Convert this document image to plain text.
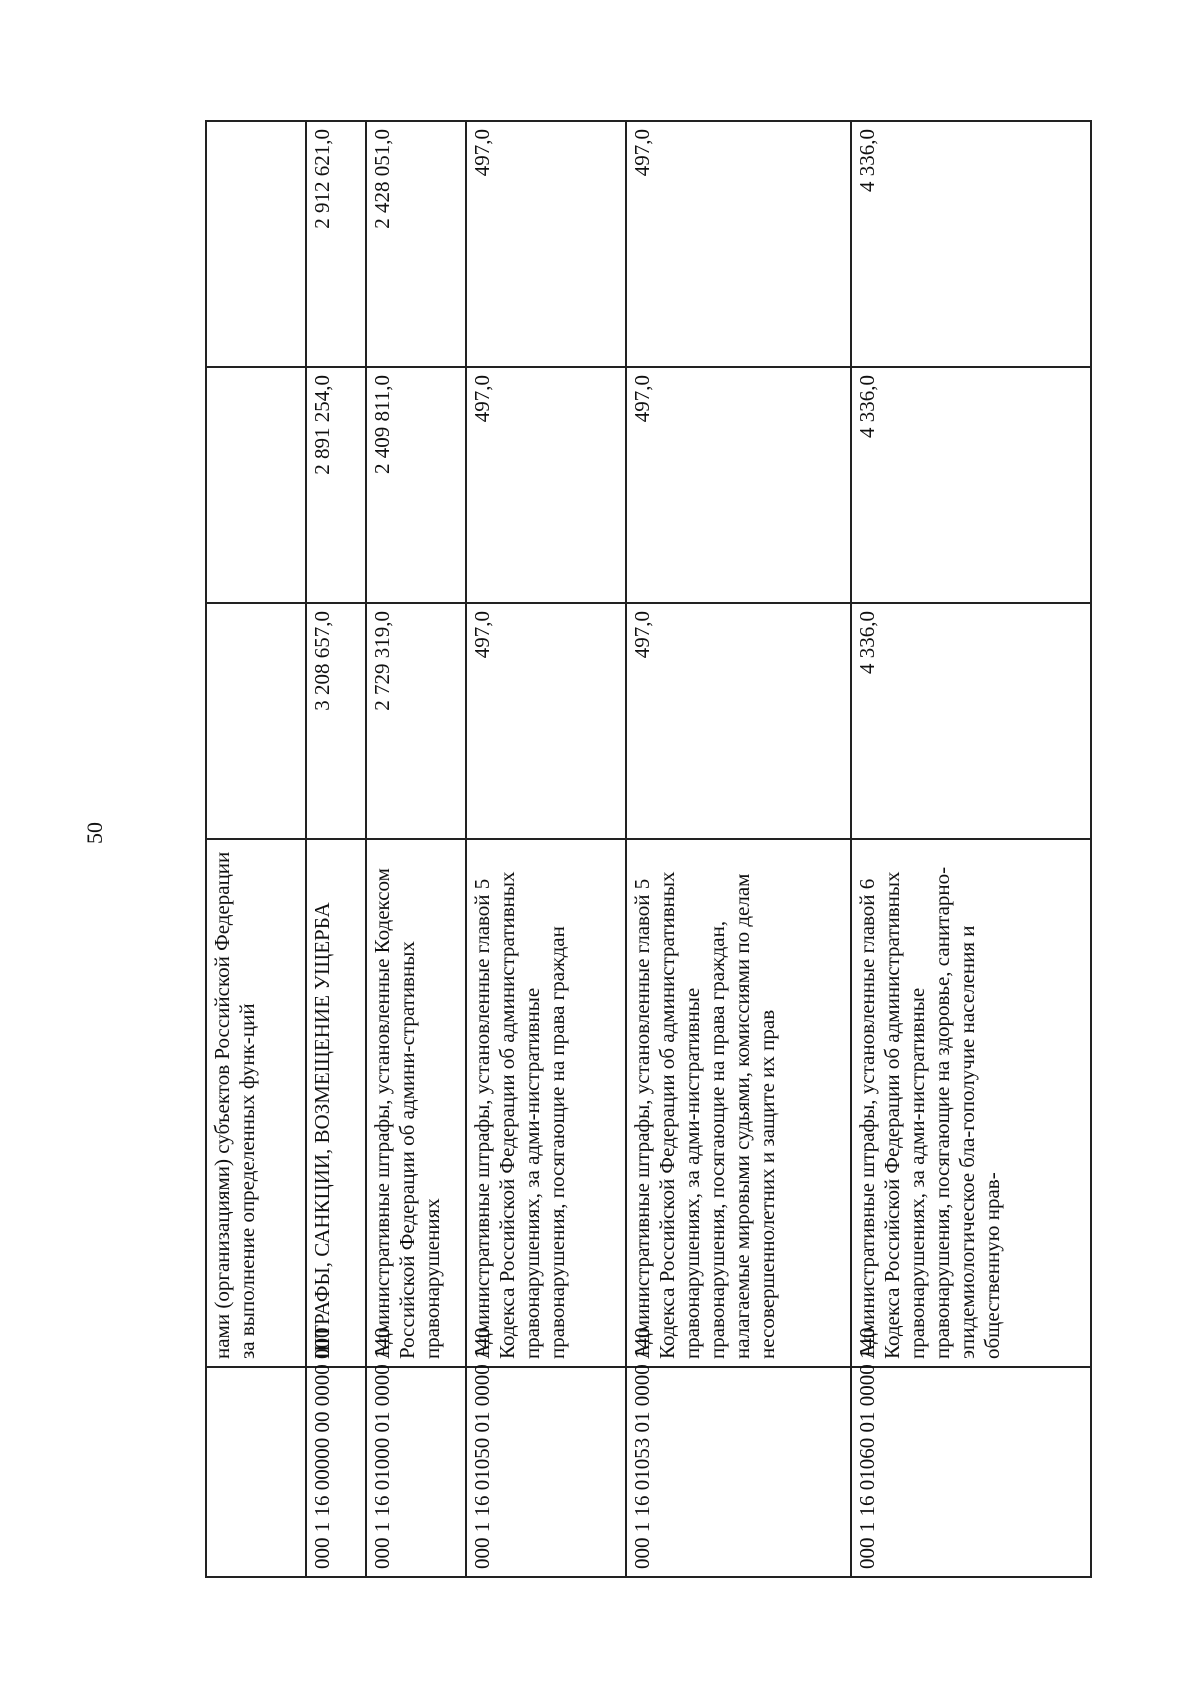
50
	нами (организациями) субъектов Российской Федерации за выполнение определенных функ-ций			
000 1 16 00000 00 0000 000	ШТРАФЫ, САНКЦИИ, ВОЗМЕЩЕНИЕ УЩЕРБА	3 208 657,0	2 891 254,0	2 912 621,0
000 1 16 01000 01 0000 140	Административные штрафы, установленные Кодексом Российской Федерации об админи-стративных правонарушениях	2 729 319,0	2 409 811,0	2 428 051,0
000 1 16 01050 01 0000 140	Административные штрафы, установленные главой 5 Кодекса Российской Федерации об административных правонарушениях, за адми-нистративные правонарушения, посягающие на права граждан	497,0	497,0	497,0
000 1 16 01053 01 0000 140	Административные штрафы, установленные главой 5 Кодекса Российской Федерации об административных правонарушениях, за адми-нистративные правонарушения, посягающие на права граждан, налагаемые мировыми судьями, комиссиями по делам несовершеннолетних и защите их прав	497,0	497,0	497,0
000 1 16 01060 01 0000 140	Административные штрафы, установленные главой 6 Кодекса Российской Федерации об административных правонарушениях, за адми-нистративные правонарушения, посягающие на здоровье, санитарно-эпидемиологическое бла-гополучие населения и общественную нрав-	4 336,0	4 336,0	4 336,0
